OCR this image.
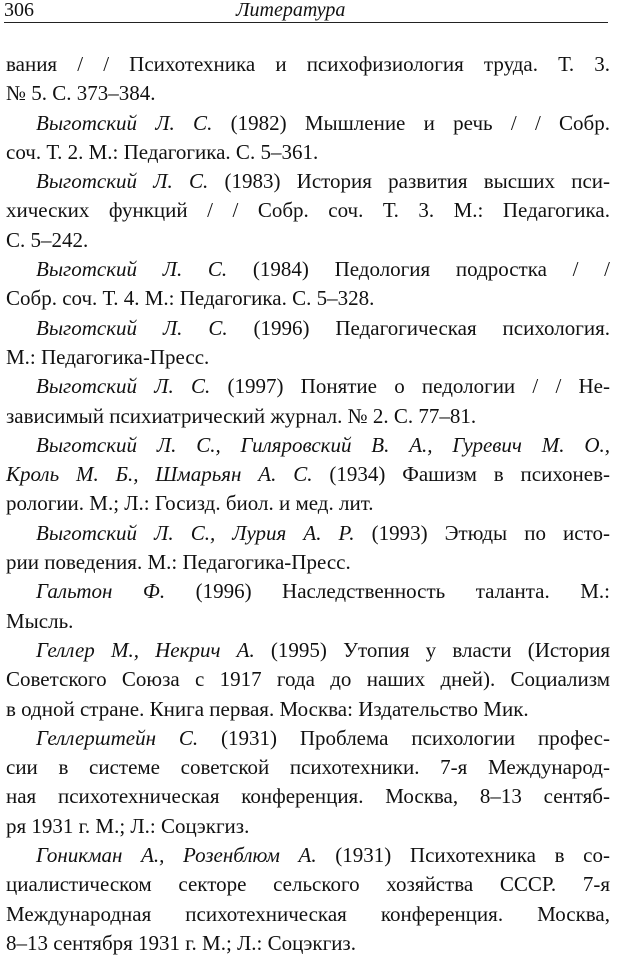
306	Литература
вания / / Психотехника и психофизиология труда. Т. 3.
№ 5. С. 373–384.
Выготский Л. С. (1982) Мышление и речь / / Собр.
соч. Т. 2. М.: Педагогика. С. 5–361.
Выготский Л. С. (1983) История развития высших пси-
хических функций / / Собр. соч. Т. 3. М.: Педагогика.
С. 5–242.
Выготский Л. С. (1984) Педология подростка / /
Собр. соч. Т. 4. М.: Педагогика. С. 5–328.
Выготский Л. С. (1996) Педагогическая психология.
М.: Педагогика-Пресс.
Выготский Л. С. (1997) Понятие о педологии / / Не-
зависимый психиатрический журнал. № 2. С. 77–81.
Выготский Л. С., Гиляровский В. А., Гуревич М. О.,
Кроль М. Б., Шмарьян А. С. (1934) Фашизм в психонев-
рологии. М.; Л.: Госизд. биол. и мед. лит.
Выготский Л. С., Лурия А. Р. (1993) Этюды по исто-
рии поведения. М.: Педагогика-Пресс.
Гальтон Ф. (1996) Наследственность таланта. М.:
Мысль.
Геллер М., Некрич А. (1995) Утопия у власти (История
Советского Союза с 1917 года до наших дней). Социализм
в одной стране. Книга первая. Москва: Издательство Мик.
Геллерштейн С. (1931) Проблема психологии профес-
сии в системе советской психотехники. 7-я Международ-
ная психотехническая конференция. Москва, 8–13 сентяб-
ря 1931 г. М.; Л.: Соцэкгиз.
Гоникман А., Розенблюм А. (1931) Психотехника в со-
циалистическом секторе сельского хозяйства СССР. 7-я
Международная психотехническая конференция. Москва,
8–13 сентября 1931 г. М.; Л.: Соцэкгиз.
